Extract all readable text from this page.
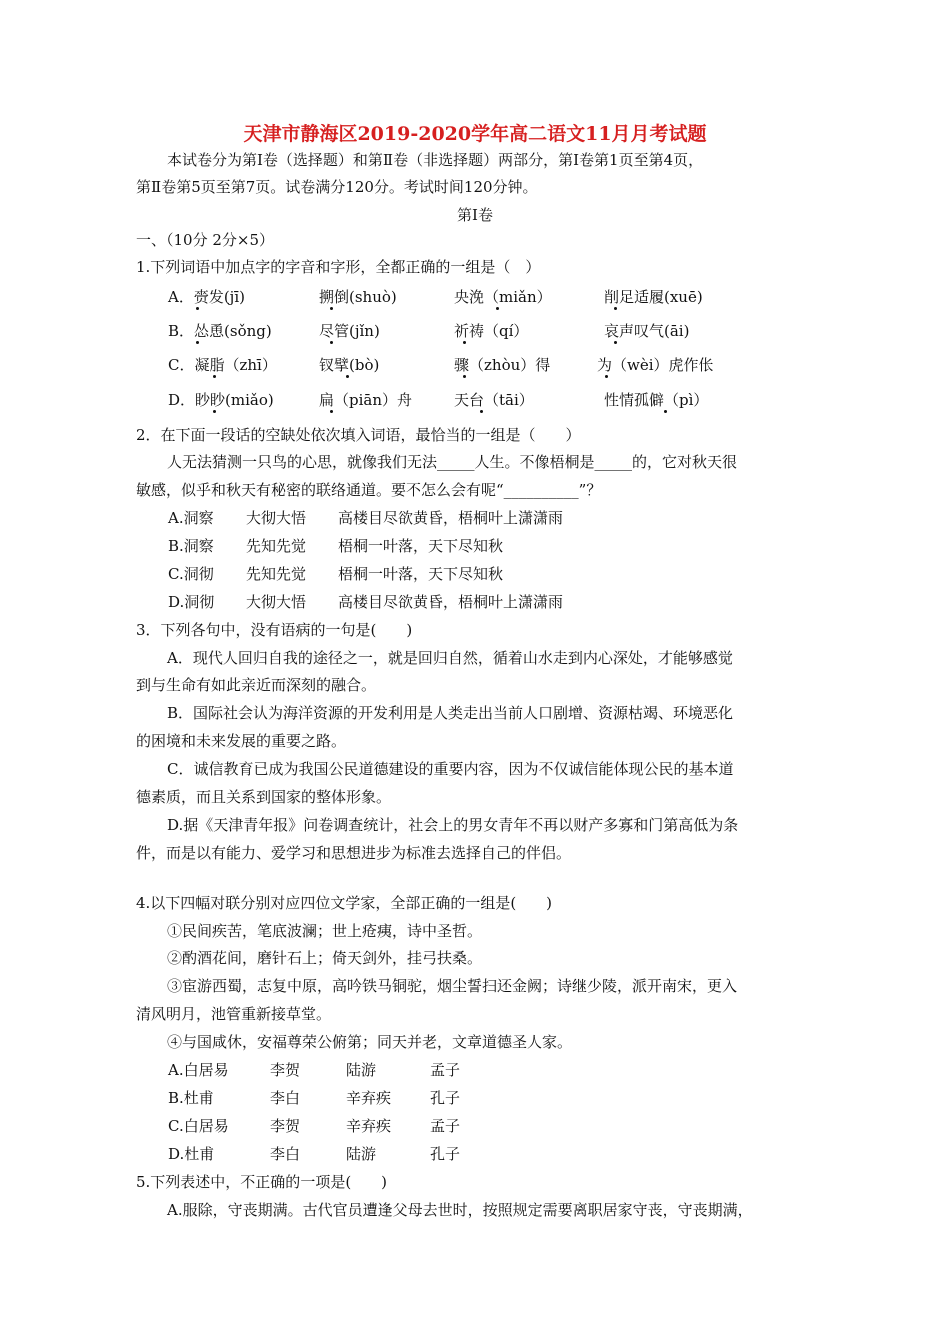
天津市静海区2019-2020学年高二语文11月月考试题
本试卷分为第Ⅰ卷（选择题）和第Ⅱ卷（非选择题）两部分，第Ⅰ卷第1页至第4页，
第Ⅱ卷第5页至第7页。试卷满分120分。考试时间120分钟。
第Ⅰ卷
一、（10分 2分×5）
1.下列词语中加点字的字音和字形，全都正确的一组是（　）
A．赍发(jī)	搠倒(shuò)	央浼（miǎn）	削足适履(xuē)
B．怂恿(sǒng)	尽管(jǐn)	祈祷（qí）	哀声叹气(āi)
C．凝脂（zhī）	钗擘(bò)	骤（zhòu）得	为（wèi）虎作伥
D．眇眇(miǎo)	扁（piān）舟	天台（tāi）	性情孤僻（pì）
2．在下面一段话的空缺处依次填入词语，最恰当的一组是（　　）
人无法猜测一只鸟的心思，就像我们无法_____人生。不像梧桐是_____的，它对秋天很
敏感，似乎和秋天有秘密的联络通道。要不怎么会有呢“__________”？
A.洞察 大彻大悟 高楼目尽欲黄昏，梧桐叶上潇潇雨
B.洞察 先知先觉 梧桐一叶落，天下尽知秋
C.洞彻 先知先觉 梧桐一叶落，天下尽知秋
D.洞彻 大彻大悟 高楼目尽欲黄昏，梧桐叶上潇潇雨
3．下列各句中，没有语病的一句是(　　)
A．现代人回归自我的途径之一，就是回归自然，循着山水走到内心深处，才能够感觉
到与生命有如此亲近而深刻的融合。
B．国际社会认为海洋资源的开发利用是人类走出当前人口剧增、资源枯竭、环境恶化
的困境和未来发展的重要之路。
C．诚信教育已成为我国公民道德建设的重要内容，因为不仅诚信能体现公民的基本道
德素质，而且关系到国家的整体形象。
D.据《天津青年报》问卷调查统计，社会上的男女青年不再以财产多寡和门第高低为条
件，而是以有能力、爱学习和思想进步为标准去选择自己的伴侣。
4.以下四幅对联分别对应四位文学家，全部正确的一组是(　　)
①民间疾苦，笔底波澜；世上疮痍，诗中圣哲。
②酌酒花间，磨针石上；倚天剑外，挂弓扶桑。
③宦游西蜀，志复中原，高吟铁马铜驼，烟尘誓扫还金阙；诗继少陵，派开南宋，更入
清风明月，池管重新接草堂。
④与国咸休，安福尊荣公俯第；同天并老，文章道德圣人家。
A.白居易	李贺	陆游	孟子
B.杜甫	李白	辛弃疾	孔子
C.白居易	李贺	辛弃疾	孟子
D.杜甫	李白	陆游	孔子
5.下列表述中，不正确的一项是(　　)
A.服除，守丧期满。古代官员遭逢父母去世时，按照规定需要离职居家守丧，守丧期满，
